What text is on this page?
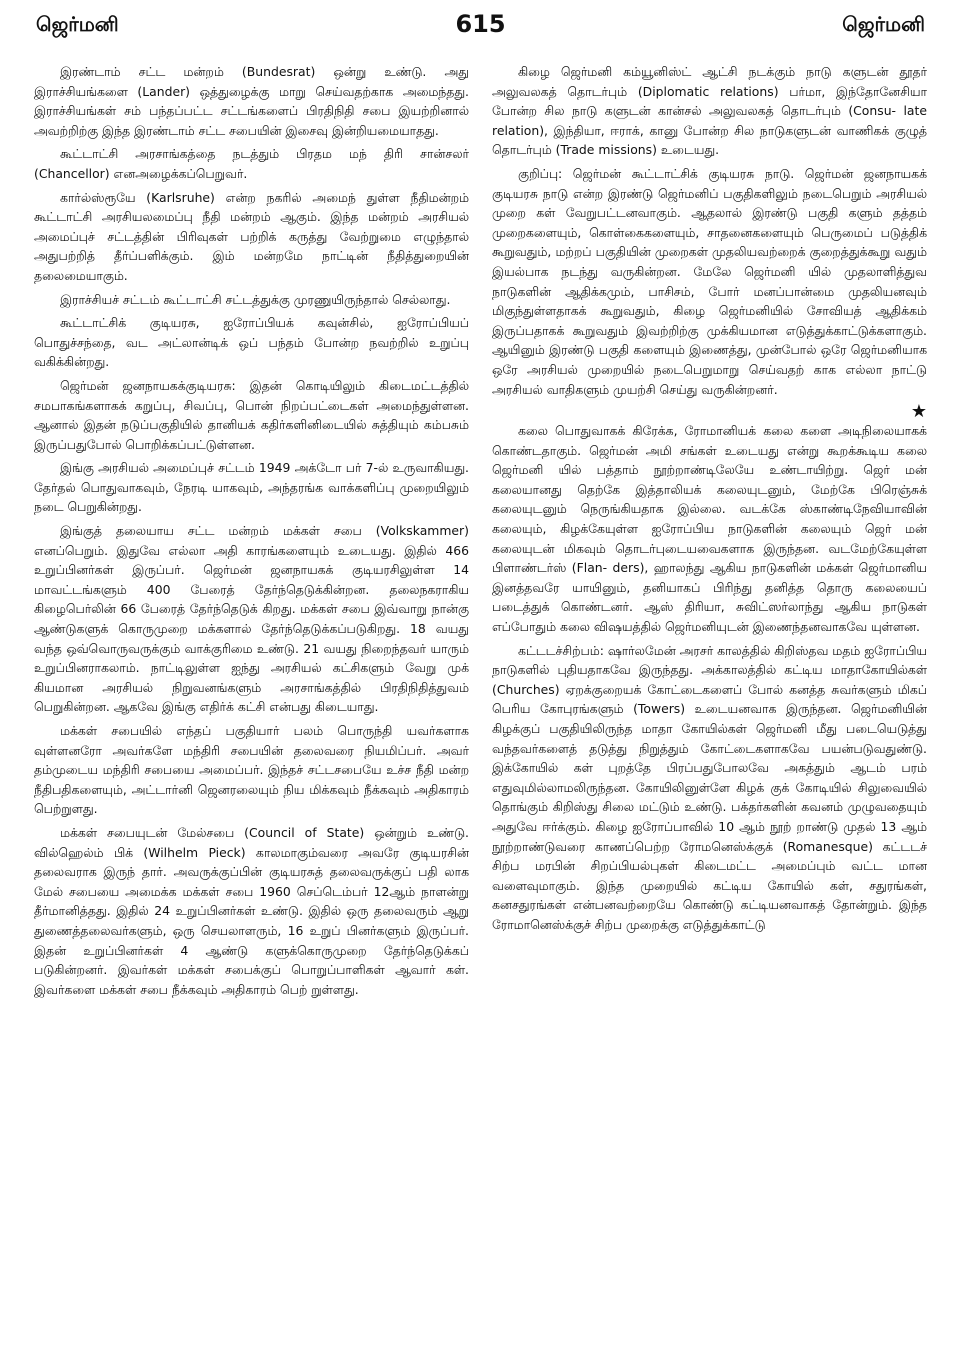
ஜெர்மனி	615	ஜெர்மனி

இரண்டாம் சட்ட மன்றம் (Bundesrat) ஒன்று உண்டு. அது இராச்சியங்களை (Lander) ஒத்துழைக்கு மாறு செய்வதற்காக அமைந்தது. இராச்சியங்கள் சம் பந்தப்பட்ட சட்டங்களைப் பிரதிநிதி சபை இயற்றினால் அவற்றிற்கு இந்த இரண்டாம் சட்ட சபையின் இசைவு இன்றியமையாதது.

கூட்டாட்சி அரசாங்கத்தை நடத்தும் பிரதம மந் திரி சான்சலர் (Chancellor) எனஅழைக்கப்பெறுவர்.

கார்ல்ஸ்ரூயே (Karlsruhe) என்ற நகரில் அமைந் துள்ள நீதிமன்றம் கூட்டாட்சி அரசியலமைப்பு நீதி மன்றம் ஆகும். இந்த மன்றம் அரசியல் அமைப்புச் சட்டத்தின் பிரிவுகள் பற்றிக் கருத்து வேற்றுமை எழுந்தால் அதுபற்றித் தீர்ப்பளிக்கும். இம் மன்றமே நாட்டின் நீதித்துறையின் தலைமையாகும்.

இராச்சியச் சட்டம் கூட்டாட்சி சட்டத்துக்கு முரணுயிருந்தால் செல்லாது.

கூட்டாட்சிக் குடியரசு, ஐரோப்பியக் கவுன்சில், ஐரோப்பியப் பொதுச்சந்தை, வட அட்லான்டிக் ஒப் பந்தம் போன்ற நவற்றில் உறுப்பு வகிக்கின்றது.

ஜெர்மன் ஜனநாயகக்குடியரசு: இதன் கொடியிலும் கிடைமட்டத்தில் சமபாகங்களாகக் கறுப்பு, சிவப்பு, பொன் நிறப்பட்டைகள் அமைந்துள்ளன. ஆனால் இதன் நடுப்பகுதியில் தானியக் கதிர்களினிடையில் சுத்தியும் கம்பசும் இருப்பதுபோல் பொறிக்கப்பட்டுள்ளன.

இங்கு அரசியல் அமைப்புச் சட்டம் 1949 அக்டோ பர் 7-ல் உருவாகியது. தேர்தல் பொதுவாகவும், நேரடி யாகவும், அந்தரங்க வாக்களிப்பு முறையிலும் நடை பெறுகின்றது.

இங்குத் தலையாய சட்ட மன்றம் மக்கள் சபை (Volkskammer) எனப்பெறும். இதுவே எல்லா அதி காரங்களையும் உடையது. இதில் 466 உறுப்பினர்கள் இருப்பர். ஜெர்மன் ஜனநாயகக் குடியரசிலுள்ள 14 மாவட்டங்களும் 400 பேரைத் தேர்ந்தெடுக்கின்றன. தலைநகராகிய கிழைபெர்லின் 66 பேரைத் தேர்ந்தெடுக் கிறது. மக்கள் சபை இவ்வாறு நான்கு ஆண்டுகளுக் கொருமுறை மக்களால் தேர்ந்தெடுக்கப்படுகிறது. 18 வயது வந்த ஒவ்வொருவருக்கும் வாக்குரிமை உண்டு. 21 வயது நிறைந்தவர் யாரும் உறுப்பினராகலாம். நாட்டிலுள்ள ஐந்து அரசியல் கட்சிகளும் வேறு முக் கியமான அரசியல் நிறுவனங்களும் அரசாங்கத்தில் பிரதிநிதித்துவம் பெறுகின்றன. ஆகவே இங்கு எதிர்க் கட்சி என்பது கிடையாது.

மக்கள் சபையில் எந்தப் பகுதியார் பலம் பொருந்தி யவர்களாக வுள்ளனரோ அவர்களே மந்திரி சபையின் தலைவரை நியமிப்பர். அவர் தம்முடைய மந்திரி சபையை அமைப்பர். இந்தச் சட்டசபையே உச்ச நீதி மன்ற நீதிபதிகளையும், அட்டார்னி ஜெனரலையும் நிய மிக்கவும் நீக்கவும் அதிகாரம் பெற்றுளது.

மக்கள் சபையுடன் மேல்சபை (Council of State) ஒன்றும் உண்டு. வில்ஹெல்ம் பிக் (Wilhelm Pieck) காலமாகும்வரை அவரே குடியரசின் தலைவராக இருந் தார். அவருக்குப்பின் குடியரசுத் தலைவருக்குப் பதி லாக மேல் சபையை அமைக்க மக்கள் சபை 1960 செப்டெம்பர் 12ஆம் நாளன்று தீர்மானித்தது. இதில் 24 உறுப்பினர்கள் உண்டு. இதில் ஒரு தலைவரும் ஆறு துணைத்தலைவர்களும், ஒரு செயலாளரும், 16 உறுப் பினர்களும் இருப்பர். இதன் உறுப்பினர்கள் 4 ஆண்டு களுக்கொருமுறை தேர்ந்தெடுக்கப் படுகின்றனர். இவர்கள் மக்கள் சபைக்குப் பொறுப்பாளிகள் ஆவார் கள். இவர்களை மக்கள் சபை நீக்கவும் அதிகாரம் பெற் றுள்ளது.

கிழை ஜெர்மனி கம்யூனிஸ்ட் ஆட்சி நடக்கும் நாடு களுடன் தூதர் அலுவலகத் தொடர்பும் (Diplomatic relations) பர்மா, இந்தோனேசியா போன்ற சில நாடு களுடன் கான்சல் அலுவலகத் தொடர்பும் (Consu- late relation), இந்தியா, ஈராக், கானு போன்ற சில நாடுகளுடன் வாணிகக் குழுத் தொடர்பும் (Trade missions) உடையது.

குறிப்பு: ஜெர்மன் கூட்டாட்சிக் குடியரசு நாடு. ஜெர்மன் ஜனநாயகக் குடியரசு நாடு என்ற இரண்டு ஜெர்மனிப் பகுதிகளிலும் நடைபெறும் அரசியல் முறை கள் வேறுபட்டனவாகும். ஆதலால் இரண்டு பகுதி களும் தத்தம் முறைகளையும், கொள்கைகளையும், சாதனைகளையும் பெருமைப் படுத்திக் கூறுவதும், மற்றப் பகுதியின் முறைகள் முதலியவற்றைக் குறைத்துக்கூறு வதும் இயல்பாக நடந்து வருகின்றன. மேலே ஜெர்மனி யில் முதலாளித்துவ நாடுகளின் ஆதிக்கமும், பாசிசம், போர் மனப்பான்மை முதலியனவும் மிகுந்துள்ளதாகக் கூறுவதும், கிழை ஜெர்மனியில் சோவியத் ஆதிக்கம் இருப்பதாகக் கூறுவதும் இவற்றிற்கு முக்கியமான எடுத்துக்காட்டுக்களாகும். ஆயினும் இரண்டு பகுதி களையும் இணைத்து, முன்போல் ஒரே ஜெர்மனியாக ஒரே அரசியல் முறையில் நடைபெறுமாறு செய்வதற் காக எல்லா நாட்டு அரசியல் வாதிகளும் முயற்சி செய்து வருகின்றனர்.

★

கலை பொதுவாகக் கிரேக்க, ரோமானியக் கலை களை அடிநிலையாகக் கொண்டதாகும். ஜெர்மன் அமி சங்கள் உடையது என்று கூறக்கூடிய கலை ஜெர்மனி யில் பத்தாம் நூற்றாண்டிலேயே உண்டாயிற்று. ஜெர் மன் கலையானது தெற்கே இத்தாலியக் கலையுடனும், மேற்கே பிரெஞ்சுக் கலையுடனும் நெருங்கியதாக இல்லை. வடக்கே ஸ்காண்டிநேவியாவின் கலையும், கிழக்கேயுள்ள ஐரோப்பிய நாடுகளின் கலையும் ஜெர் மன் கலையுடன் மிகவும் தொடர்புடையவைகளாக இருந்தன. வடமேற்கேயுள்ள பிளாண்டர்ஸ் (Flan- ders), ஹாலந்து ஆகிய நாடுகளின் மக்கள் ஜெர்மானிய இனத்தவரே யாயினும், தனியாகப் பிரிந்து தனித்த தொரு கலையைப் படைத்துக் கொண்டனர். ஆஸ் திரியா, சுவிட்ஸர்லாந்து ஆகிய நாடுகள் எப்போதும் கலை விஷயத்தில் ஜெர்மனியுடன் இணைந்தனவாகவே யுள்ளன.

கட்டடச்சிற்பம்: ஷார்லமேன் அரசர் காலத்தில் கிறிஸ்தவ மதம் ஐரோப்பிய நாடுகளில் புதியதாகவே இருந்தது. அக்காலத்தில் கட்டிய மாதாகோயில்கள் (Churches) ஏறக்குறையக் கோட்டைகளைப் போல் கனத்த சுவர்களும் மிகப் பெரிய கோபுரங்களும் (Towers) உடையனவாக இருந்தன. ஜெர்மனியின் கிழக்குப் பகுதியிலிருந்த மாதா கோயில்கள் ஜெர்மனி மீது படையெடுத்து வந்தவர்களைத் தடுத்து நிறுத்தும் கோட்டைகளாகவே பயன்படுவதுண்டு. இக்கோயில் கள் புறத்தே பிரப்பதுபோலவே அகத்தும் ஆடம் பரம் எதுவுமில்லாமலிருந்தன. கோயிலினுள்ளே கிழக் குக் கோடியில் சிலுவையில் தொங்கும் கிறிஸ்து சிலை மட்டும் உண்டு. பக்தர்களின் கவனம் முழுவதையும் அதுவே ஈர்க்கும். கிழை ஐரோப்பாவில் 10 ஆம் நூற் றாண்டு முதல் 13 ஆம் நூற்றாண்டுவரை காணப்பெற்ற ரோமனெஸ்க்குக் (Romanesque) கட்டடச் சிற்ப மரபின் சிறப்பியல்புகள் கிடைமட்ட அமைப்பும் வட்ட மான வளைவுமாகும். இந்த முறையில் கட்டிய கோயில் கள், சதுரங்கள், கனசதுரங்கள் என்பனவற்றையே கொண்டு கட்டியனவாகத் தோன்றும். இந்த ரோமானெஸ்க்குச் சிற்ப முறைக்கு எடுத்துக்காட்டு
